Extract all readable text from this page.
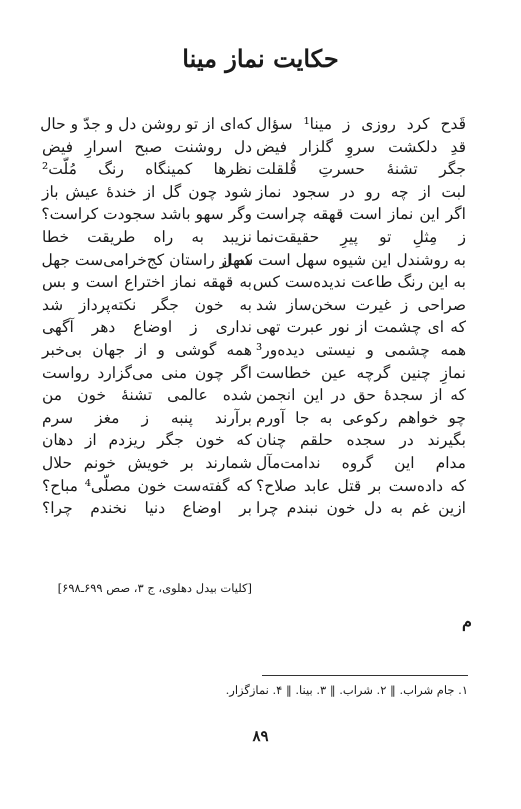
حکایت نماز مینا
قَدح کرد روزی ز مینا¹ سؤال
قدِ دلکشت سروِ گلزار فیض
جگر تشنهٔ حسرتِ قُلقلت
لبت از چه رو در سجود نماز
اگر این نماز است قهقه چراست
ز مِثلِ تو پیرِ حقیقت‌نما
به روشندل این شیوه سهل است سهل
به این رنگ طاعت ندیده‌ست کس
صراحی ز غیرت سخن‌ساز شد
که ای چشمت از نور عبرت تهی
همه چشمی و نیستی دیده‌ور³
نمازِ چنین گرچه عین خطاست
که از سجدهٔ حق در این انجمن
چو خواهم رکوعی به جا آورم
بگیرند در سجده حلقم چنان
مدام این گروه ندامت‌مآل
که داده‌ست بر قتل عابد صلاح؟
ازین غم به دل خون نبندم چرا
که‌ای از تو روشن دل و جدّ و حال
دل روشنت صبح اسرارِ فیض
نظرها کمینگاه رنگ مُلّت²
شود چون گل از خندهٔ عیش باز
وگر سهو باشد سجودت کراست؟
نزیبد به راه طریقت خطا
که از راستان کج‌خرامی‌ست جهل
به قهقه نماز اختراع است و بس
به خون جگر نکته‌پرداز شد
نداری ز اوضاع دهر آگهی
همه گوشی و از جهان بی‌خبر
اگر چون منی می‌گزارد رواست
شده عالمی تشنهٔ خون من
برآرند پنبه ز مغز سرم
که خون جگر ریزدم از دهان
شمارند بر خویش خونم حلال
که گفته‌ست خون مصلّی⁴ مباح؟
بر اوضاع دنیا نخندم چرا؟
[کلیات بیدل دهلوی، ج ۳، صص ۶۹۹ـ۶۹۸]
م
۱. جام شراب. ‖ ۲. شراب. ‖ ۳. بینا. ‖ ۴. نمازگزار.
۸۹
